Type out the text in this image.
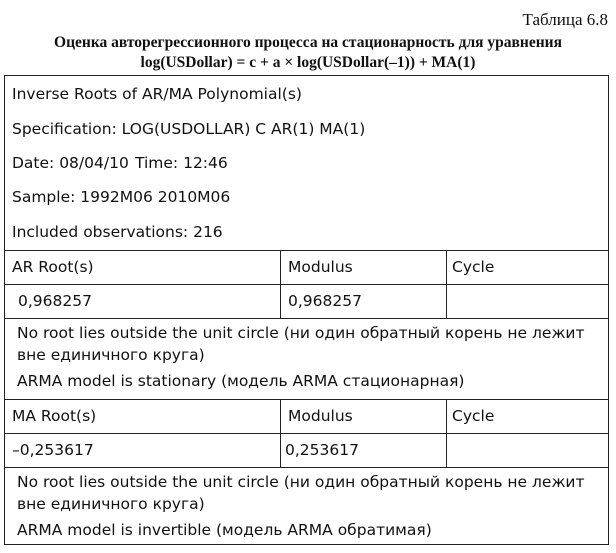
Таблица 6.8
Оценка авторегрессионного процесса на стационарность для уравнения
log(USDollar) = c + a × log(USDollar(–1)) + MA(1)
Inverse Roots of AR/MA Polynomial(s)
Specification: LOG(USDOLLAR) C AR(1) MA(1)
Date: 08/04/10 Time: 12:46
Sample: 1992M06 2010M06
Included observations: 216
AR Root(s)	Modulus	Cycle
0,968257	0,968257
No root lies outside the unit circle (ни один обратный корень не лежит вне единичного круга)
ARMA model is stationary (модель ARMA стационарная)
MA Root(s)	Modulus	Cycle
–0,253617	0,253617
No root lies outside the unit circle (ни один обратный корень не лежит вне единичного круга)
ARMA model is invertible (модель ARMA обратимая)
